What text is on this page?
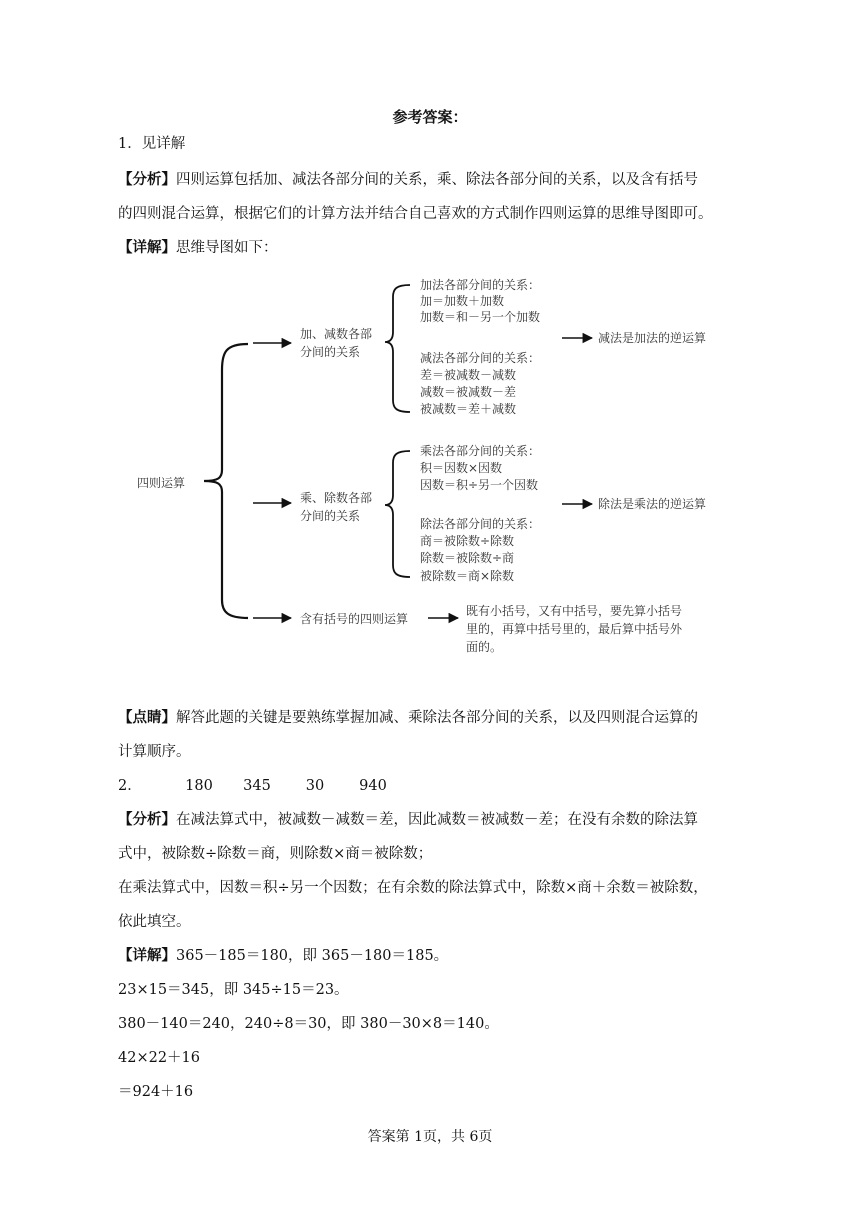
参考答案：
1．见详解
【分析】四则运算包括加、减法各部分间的关系，乘、除法各部分间的关系，以及含有括号
的四则混合运算，根据它们的计算方法并结合自己喜欢的方式制作四则运算的思维导图即可。
【详解】思维导图如下：
四则运算
加、减数各部
分间的关系
加法各部分间的关系：
加＝加数＋加数
加数＝和－另一个加数
减法各部分间的关系：
差＝被减数－减数
减数＝被减数－差
被减数＝差＋减数
减法是加法的逆运算
乘、除数各部
分间的关系
乘法各部分间的关系：
积＝因数×因数
因数＝积÷另一个因数
除法各部分间的关系：
商＝被除数÷除数
除数＝被除数÷商
被除数＝商×除数
除法是乘法的逆运算
含有括号的四则运算
既有小括号，又有中括号，要先算小括号
里的，再算中括号里的，最后算中括号外
面的。
【点睛】解答此题的关键是要熟练掌握加减、乘除法各部分间的关系，以及四则混合运算的
计算顺序。
2．	180 345 30 940
【分析】在减法算式中，被减数－减数＝差，因此减数＝被减数－差；在没有余数的除法算
式中，被除数÷除数＝商，则除数×商＝被除数；
在乘法算式中，因数＝积÷另一个因数；在有余数的除法算式中，除数×商＋余数＝被除数，
依此填空。
【详解】365－185＝180，即 365－180＝185。
23×15＝345，即 345÷15＝23。
380－140＝240，240÷8＝30，即 380－30×8＝140。
42×22＋16
＝924＋16
答案第 1页，共 6页
